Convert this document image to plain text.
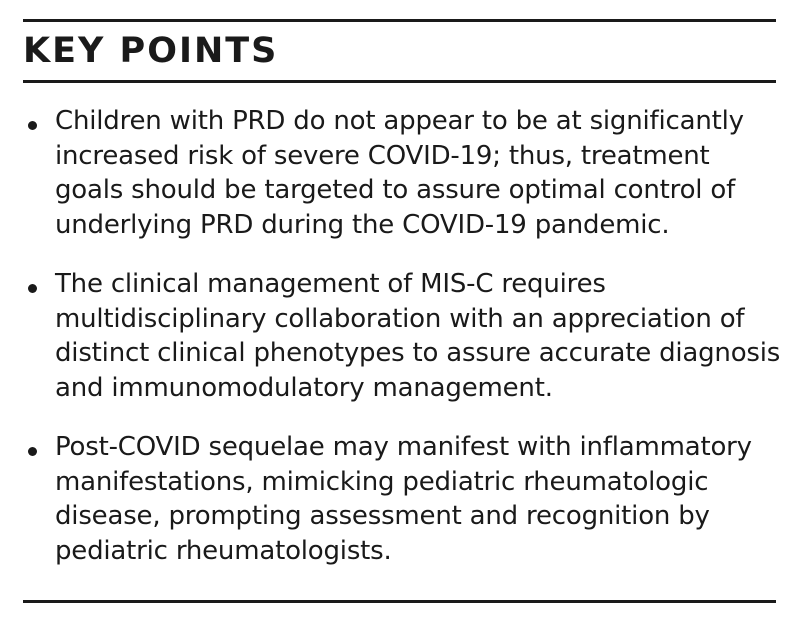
KEY POINTS
Children with PRD do not appear to be at significantly
increased risk of severe COVID-19; thus, treatment
goals should be targeted to assure optimal control of
underlying PRD during the COVID-19 pandemic.
The clinical management of MIS-C requires
multidisciplinary collaboration with an appreciation of
distinct clinical phenotypes to assure accurate diagnosis
and immunomodulatory management.
Post-COVID sequelae may manifest with inflammatory
manifestations, mimicking pediatric rheumatologic
disease, prompting assessment and recognition by
pediatric rheumatologists.
